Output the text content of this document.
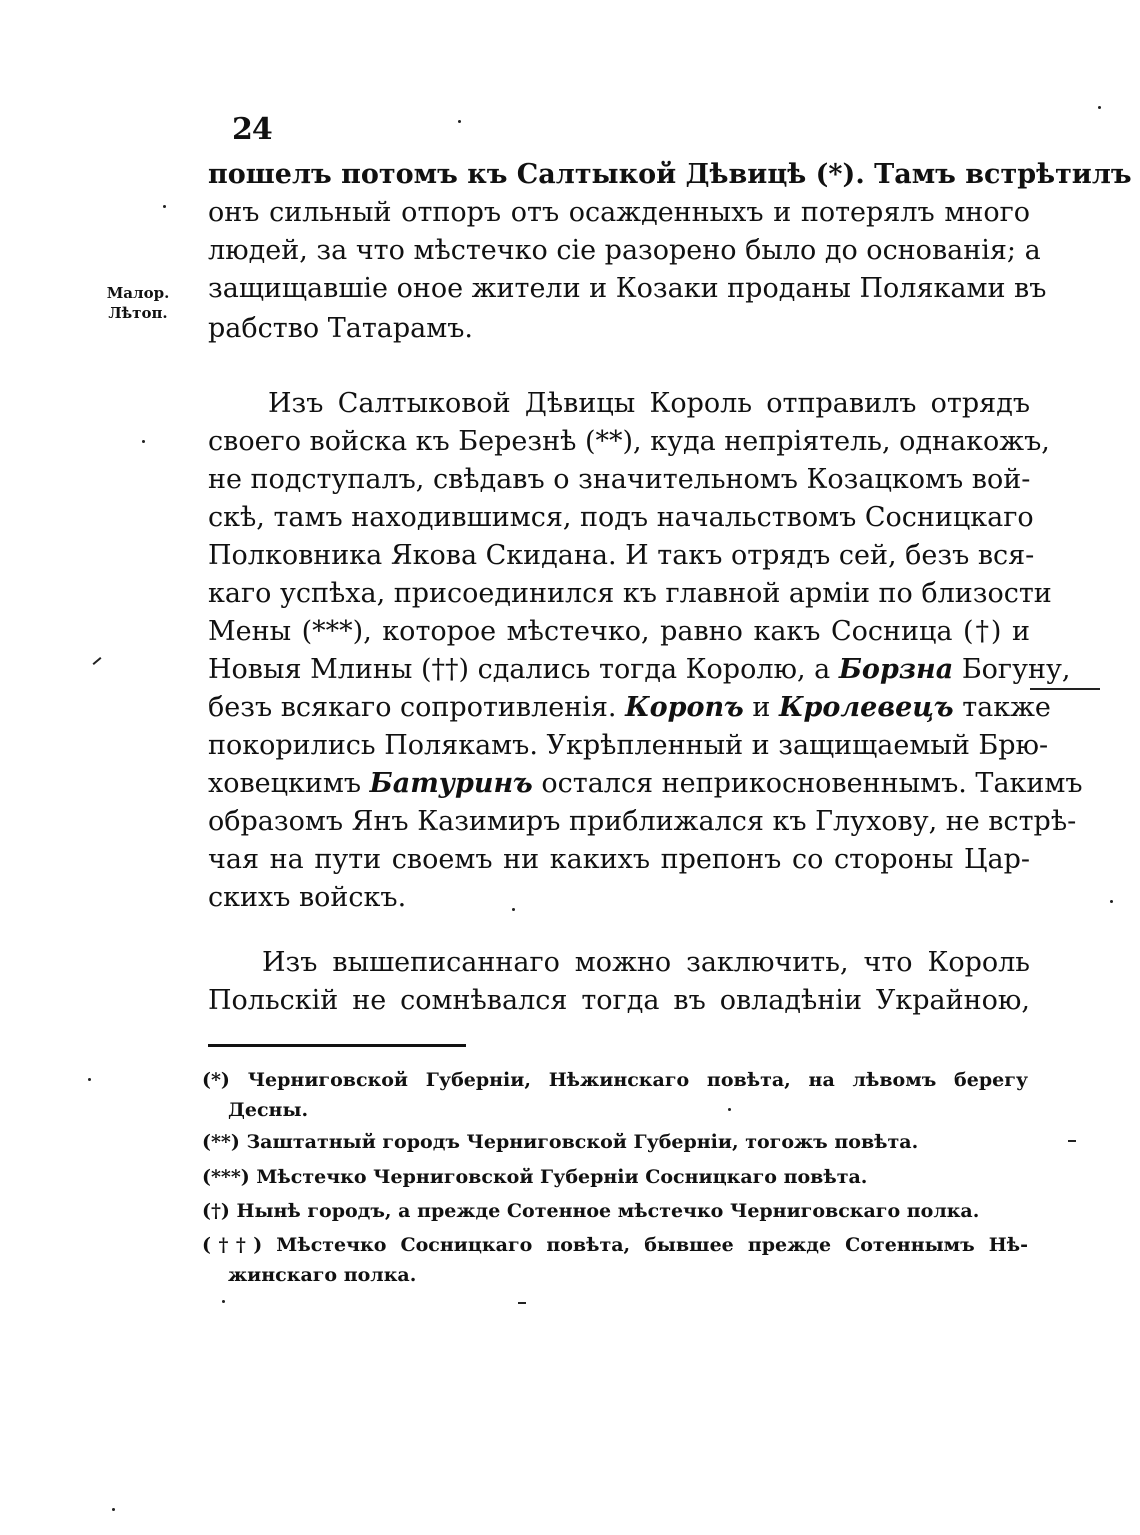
24
Малор.
Лѣтоп.
пошелъ потомъ къ Салтыкой Дѣвицѣ (*). Тамъ встрѣтилъ
онъ сильный отпоръ отъ осажденныхъ и потерялъ много
людей, за что мѣстечко сіе разорено было до основанія; а
защищавшіе оное жители и Козаки проданы Поляками въ
рабство Татарамъ.
Изъ Салтыковой Дѣвицы Король отправилъ отрядъ
своего войска къ Березнѣ (**), куда непріятель, однакожъ,
не подступалъ, свѣдавъ о значительномъ Козацкомъ вой-
скѣ, тамъ находившимся, подъ начальствомъ Сосницкаго
Полковника Якова Скидана. И такъ отрядъ сей, безъ вся-
каго успѣха, присоединился къ главной арміи по близости
Мены (***), которое мѣстечко, равно какъ Сосница (†) и
Новыя Млины (††) сдались тогда Королю, а Борзна Богуну,
безъ всякаго сопротивленія. Коропъ и Кролевецъ также
покорились Полякамъ. Укрѣпленный и защищаемый Брю-
ховецкимъ Батуринъ остался неприкосновеннымъ. Такимъ
образомъ Янъ Казимиръ приближался къ Глухову, не встрѣ-
чая на пути своемъ ни какихъ препонъ со стороны Цар-
скихъ войскъ.
Изъ вышеписаннаго можно заключить, что Король
Польскій не сомнѣвался тогда въ овладѣніи Украйною,
(*) Черниговской Губерніи, Нѣжинскаго повѣта, на лѣвомъ берегу
Десны.
(**) Заштатный городъ Черниговской Губерніи, тогожъ повѣта.
(***) Мѣстечко Черниговской Губерніи Сосницкаго повѣта.
(†) Нынѣ городъ, а прежде Сотенное мѣстечко Черниговскаго полка.
(††) Мѣстечко Сосницкаго повѣта, бывшее прежде Сотеннымъ Нѣ-
жинскаго полка.
